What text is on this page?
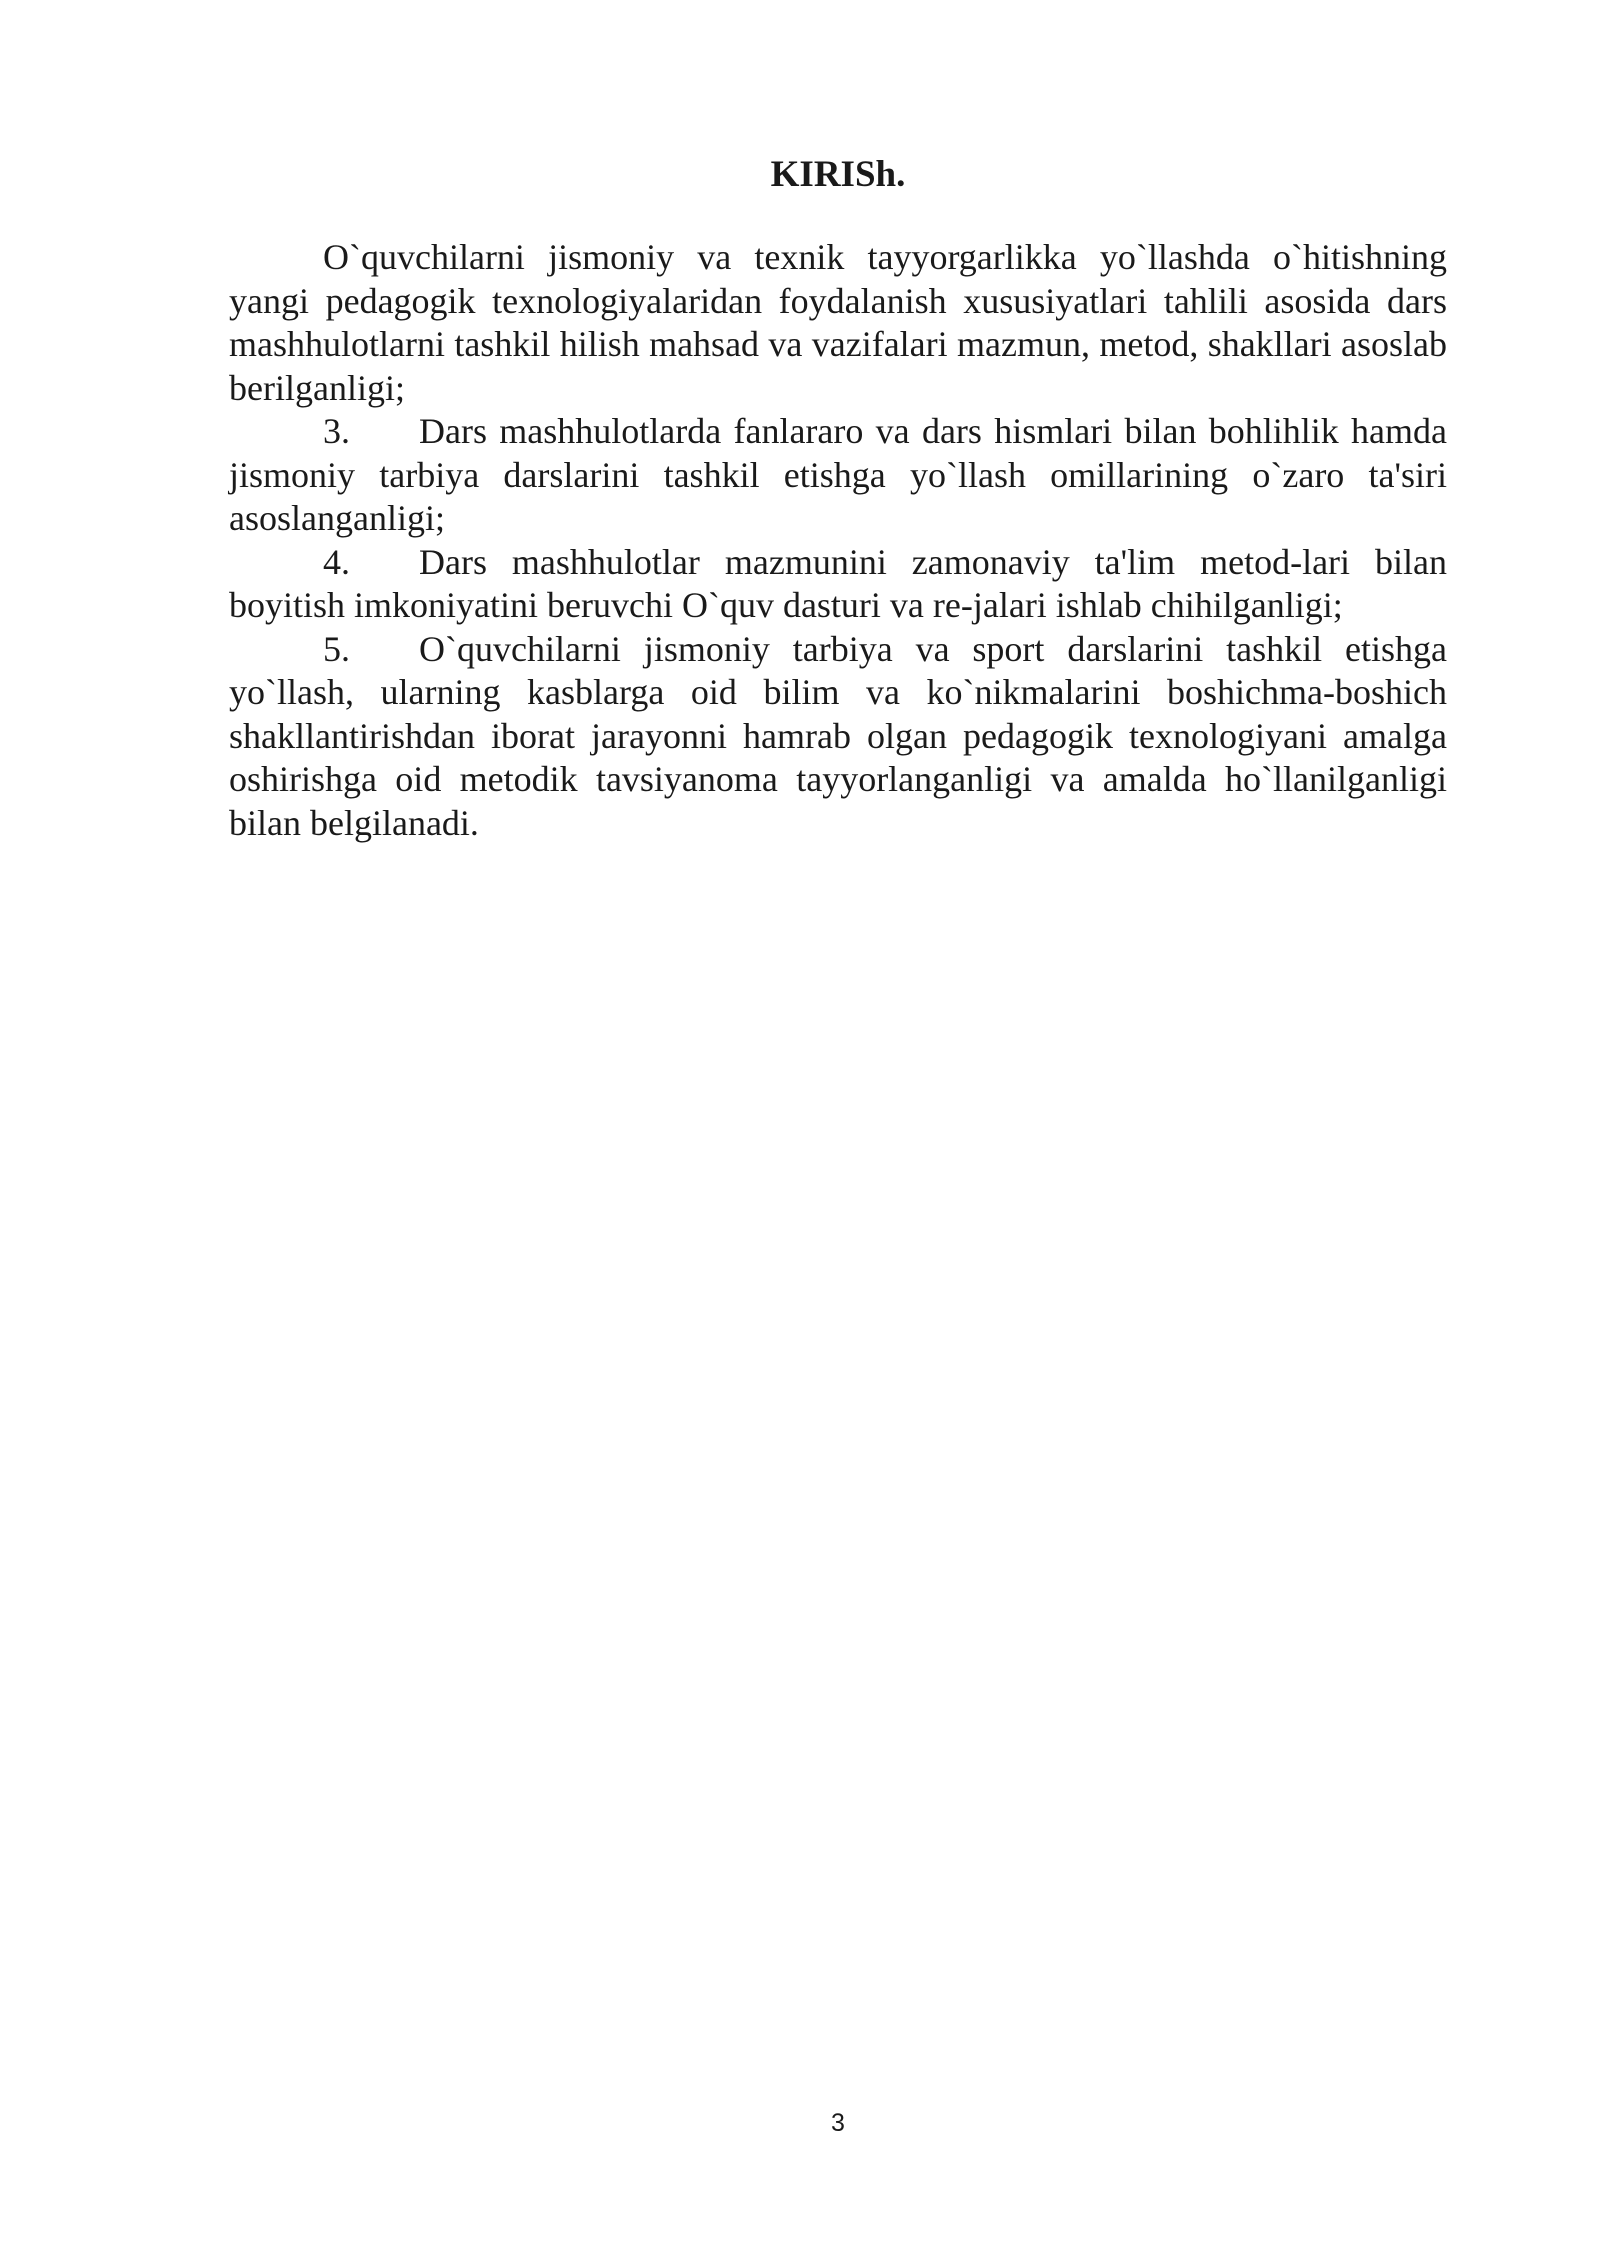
KIRISh.

O`quvchilarni jismoniy va texnik tayyorgarlikka yo`llashda o`hitishning yangi pedagogik texnologiyalaridan foydalanish xususiyatlari tahlili asosida dars mashhulotlarni tashkil hilish mahsad va vazifalari mazmun, metod, shakllari asoslab berilganligi;

3. Dars mashhulotlarda fanlararo va dars hismlari bilan bohlihlik hamda jismoniy tarbiya darslarini tashkil etishga yo`llash omillarining o`zaro ta'siri asoslanganligi;

4. Dars mashhulotlar mazmunini zamonaviy ta'lim metod-lari bilan boyitish imkoniyatini beruvchi O`quv dasturi va re-jalari ishlab chihilganligi;

5. O`quvchilarni jismoniy tarbiya va sport darslarini tashkil etishga yo`llash, ularning kasblarga oid bilim va ko`nikmalarini boshichma-boshich shakllantirishdan iborat jarayonni hamrab olgan pedagogik texnologiyani amalga oshirishga oid metodik tavsiyanoma tayyorlanganligi va amalda ho`llanilganligi bilan belgilanadi.

3
